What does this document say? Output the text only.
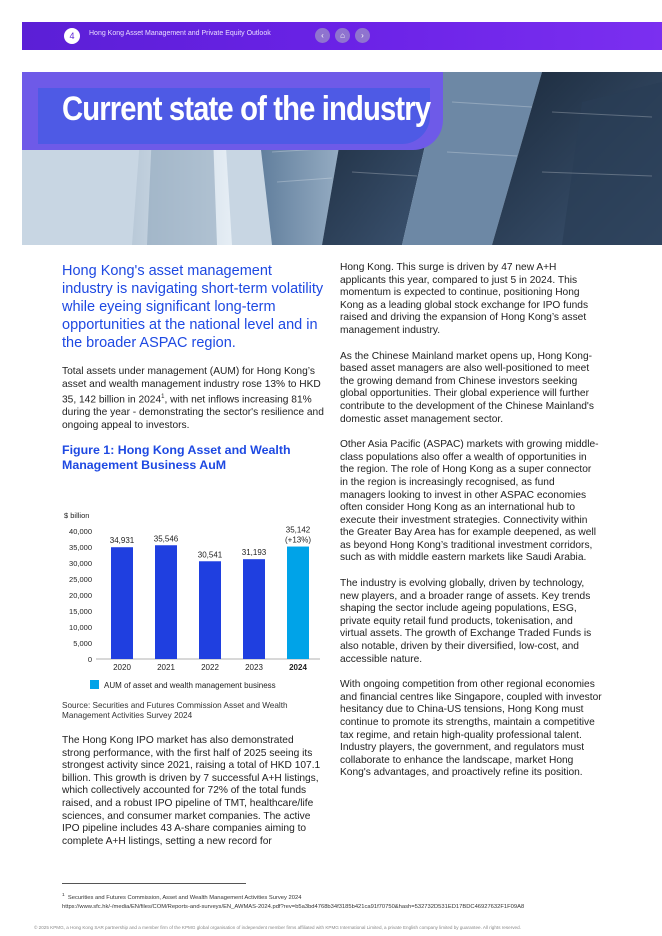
4	Hong Kong Asset Management and Private Equity Outlook	‹	⌂	›
Current state of the industry

Hong Kong's asset management industry is navigating short-term volatility while eyeing significant long-term opportunities at the national level and in the broader ASPAC region.

Total assets under management (AUM) for Hong Kong’s asset and wealth management industry rose 13% to HKD 35, 142 billion in 2024$^1$, with net inflows increasing 81% during the year - demonstrating the sector's resilience and ongoing appeal to investors.

Figure 1: Hong Kong Asset and Wealth Management Business AuM

$ billion
0
5,000
10,000
15,000
20,000
25,000
30,000
35,000
40,000
2020
34,931
2021
35,546
2022
30,541
2023
31,193
2024
35,142
(+13%)
AUM of asset and wealth management business

Source: Securities and Futures Commission Asset and Wealth Management Activities Survey 2024

The Hong Kong IPO market has also demonstrated strong performance, with the first half of 2025 seeing its strongest activity since 2021, raising a total of HKD 107.1 billion. This growth is driven by 7 successful A+H listings, which collectively accounted for 72% of the total funds raised, and a robust IPO pipeline of TMT, healthcare/life sciences, and consumer market companies. The active IPO pipeline includes 43 A-share companies aiming to complete A+H listings, setting a new record for

Hong Kong. This surge is driven by 47 new A+H applicants this year, compared to just 5 in 2024. This momentum is expected to continue, positioning Hong Kong as a leading global stock exchange for IPO funds raised and driving the expansion of Hong Kong’s asset management industry.

As the Chinese Mainland market opens up, Hong Kong-based asset managers are also well-positioned to meet the growing demand from Chinese investors seeking global opportunities. Their global experience will further contribute to the development of the Chinese Mainland's domestic asset management sector.

Other Asia Pacific (ASPAC) markets with growing middle-class populations also offer a wealth of opportunities in the region. The role of Hong Kong as a super connector in the region is increasingly recognised, as fund managers looking to invest in other ASPAC economies often consider Hong Kong as an international hub to execute their investment strategies. Connectivity within the Greater Bay Area has for example deepened, as well as beyond Hong Kong’s traditional investment corridors, such as with middle eastern markets like Saudi Arabia.

The industry is evolving globally, driven by technology, new players, and a broader range of assets. Key trends shaping the sector include ageing populations, ESG, private equity retail fund products, tokenisation, and virtual assets. The growth of Exchange Traded Funds is also notable, driven by their diversified, low-cost, and accessible nature.

With ongoing competition from other regional economies and financial centres like Singapore, coupled with investor hesitancy due to China-US tensions, Hong Kong must continue to promote its strengths, maintain a competitive tax regime, and retain high-quality professional talent. Industry players, the government, and regulators must collaborate to enhance the landscape, market Hong Kong's advantages, and proactively refine its position.

$^1$ Securities and Futures Commission, Asset and Wealth Management Activities Survey 2024
https://www.sfc.hk/-/media/EN/files/COM/Reports-and-surveys/EN_AWMAS-2024.pdf?rev=b5a3bd4768b34f3185b421ca91f70750&hash=532732D531ED17BDC46927632F1F09A8
© 2025 KPMG, a Hong Kong SAR partnership and a member firm of the KPMG global organisation of independent member firms affiliated with KPMG International Limited, a private English company limited by guarantee. All rights reserved.
